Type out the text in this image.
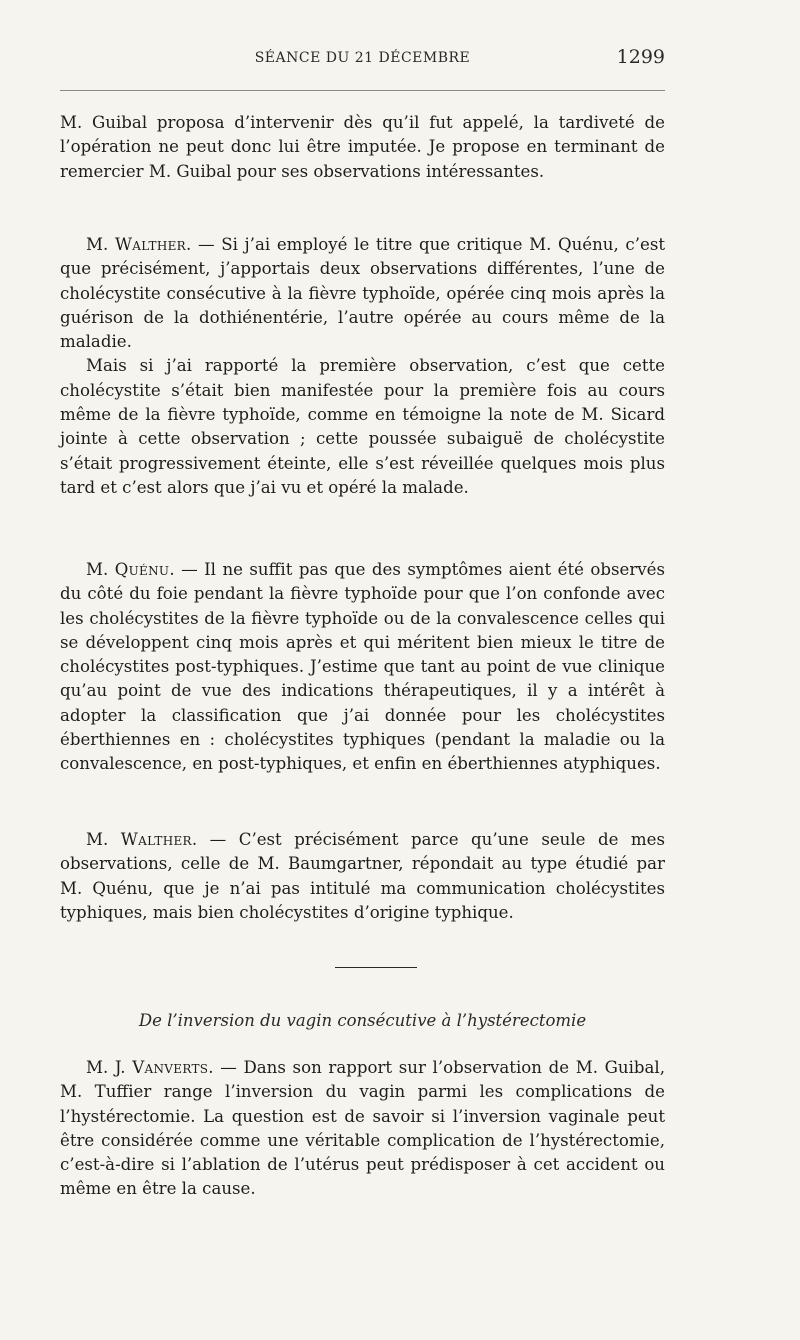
SÉANCE DU 21 DÉCEMBRE	1299

M. Guibal proposa d’intervenir dès qu’il fut appelé, la tardiveté de l’opération ne peut donc lui être imputée. Je propose en terminant de remercier M. Guibal pour ses observations intéressantes.

M. Walther. — Si j’ai employé le titre que critique M. Quénu, c’est que précisément, j’apportais deux observations différentes, l’une de cholécystite consécutive à la fièvre typhoïde, opérée cinq mois après la guérison de la dothiénentérie, l’autre opérée au cours même de la maladie.

Mais si j’ai rapporté la première observation, c’est que cette cholécystite s’était bien manifestée pour la première fois au cours même de la fièvre typhoïde, comme en témoigne la note de M. Sicard jointe à cette observation ; cette poussée subaiguë de cholécystite s’était progressivement éteinte, elle s’est réveillée quelques mois plus tard et c’est alors que j’ai vu et opéré la malade.

M. Quénu. — Il ne suffit pas que des symptômes aient été observés du côté du foie pendant la fièvre typhoïde pour que l’on confonde avec les cholécystites de la fièvre typhoïde ou de la convalescence celles qui se développent cinq mois après et qui méritent bien mieux le titre de cholécystites post-typhiques. J’estime que tant au point de vue clinique qu’au point de vue des indications thérapeutiques, il y a intérêt à adopter la classification que j’ai donnée pour les cholécystites éberthiennes en : cholécystites typhiques (pendant la maladie ou la convalescence, en post-typhiques, et enfin en éberthiennes atyphiques.

M. Walther. — C’est précisément parce qu’une seule de mes observations, celle de M. Baumgartner, répondait au type étudié par M. Quénu, que je n’ai pas intitulé ma communication cholécystites typhiques, mais bien cholécystites d’origine typhique.

De l’inversion du vagin consécutive à l’hystérectomie

M. J. Vanverts. — Dans son rapport sur l’observation de M. Guibal, M. Tuffier range l’inversion du vagin parmi les complications de l’hystérectomie. La question est de savoir si l’inversion vaginale peut être considérée comme une véritable complication de l’hystérectomie, c’est-à-dire si l’ablation de l’utérus peut prédisposer à cet accident ou même en être la cause.
